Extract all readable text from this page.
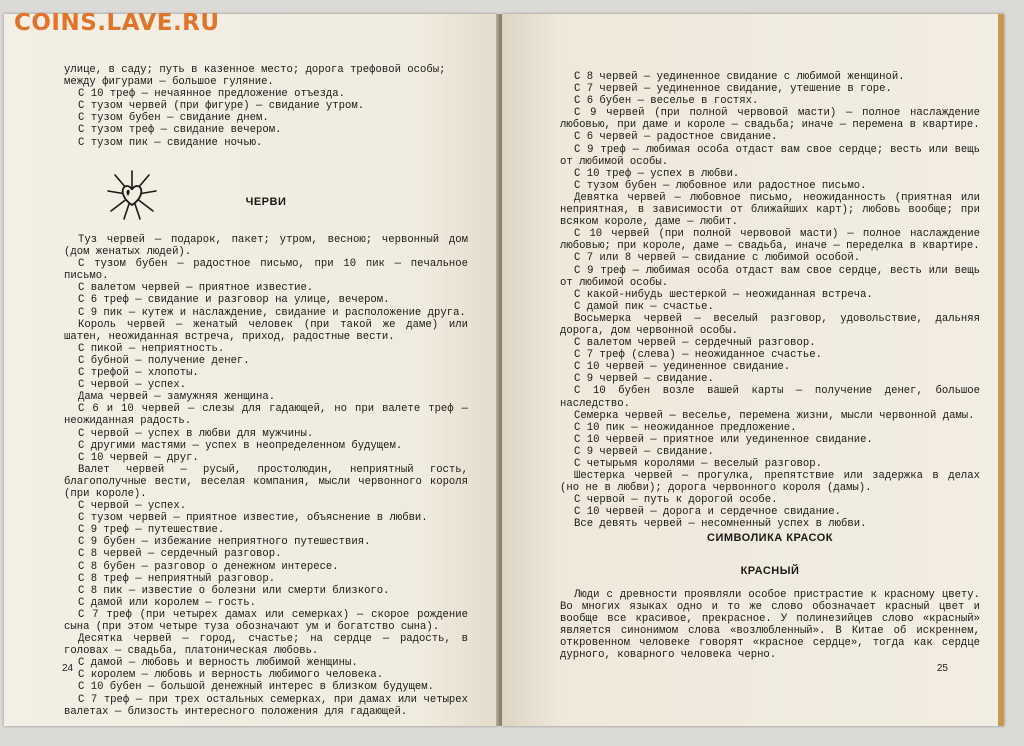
COINS.LAVE.RU

улице, в саду; путь в казенное место; дорога трефовой особы; между фигурами — большое гуляние.

С 10 треф — нечаянное предложение отъезда.

С тузом червей (при фигуре) — свидание утром.

С тузом бубен — свидание днем.

С тузом треф — свидание вечером.

С тузом пик — свидание ночью.

ЧЕРВИ

Туз червей — подарок, пакет; утром, весною; червонный дом (дом женатых людей).

С тузом бубен — радостное письмо, при 10 пик — печальное письмо.

С валетом червей — приятное известие.

С 6 треф — свидание и разговор на улице, вечером.

С 9 пик — кутеж и наслаждение, свидание и расположение друга.

Король червей — женатый человек (при такой же даме) или шатен, неожиданная встреча, приход, радостные вести.

С пикой — неприятность.

С бубной — получение денег.

С трефой — хлопоты.

С червой — успех.

Дама червей — замужняя женщина.

С 6 и 10 червей — слезы для гадающей, но при валете треф — неожиданная радость.

С червой — успех в любви для мужчины.

С другими мастями — успех в неопределенном будущем.

С 10 червей — друг.

Валет червей — русый, простолюдин, неприятный гость, благополучные вести, веселая компания, мысли червонного короля (при короле).

С червой — успех.

С тузом червей — приятное известие, объяснение в любви.

С 9 треф — путешествие.

С 9 бубен — избежание неприятного путешествия.

С 8 червей — сердечный разговор.

С 8 бубен — разговор о денежном интересе.

С 8 треф — неприятный разговор.

С 8 пик — известие о болезни или смерти близкого.

С дамой или королем — гость.

С 7 треф (при четырех дамах или семерках) — скорое рождение сына (при этом четыре туза обозначают ум и богатство сына).

Десятка червей — город, счастье; на сердце — радость, в головах — свадьба, платоническая любовь.

С дамой — любовь и верность любимой женщины.

С королем — любовь и верность любимого человека.

С 10 бубен — большой денежный интерес в близком будущем.

С 7 треф — при трех остальных семерках, при дамах или четырех валетах — близость интересного положения для гадающей.

24

С 8 червей — уединенное свидание с любимой женщиной.

С 7 червей — уединенное свидание, утешение в горе.

С 6 бубен — веселье в гостях.

С 9 червей (при полной червовой масти) — полное наслаждение любовью, при даме и короле — свадьба; иначе — перемена в квартире.

С 6 червей — радостное свидание.

С 9 треф — любимая особа отдаст вам свое сердце; весть или вещь от любимой особы.

С 10 треф — успех в любви.

С тузом бубен — любовное или радостное письмо.

Девятка червей — любовное письмо, неожиданность (приятная или неприятная, в зависимости от ближайших карт); любовь вообще; при всяком короле, даме — любит.

С 10 червей (при полной червовой масти) — полное наслаждение любовью; при короле, даме — свадьба, иначе — переделка в квартире.

С 7 или 8 червей — свидание с любимой особой.

С 9 треф — любимая особа отдаст вам свое сердце, весть или вещь от любимой особы.

С какой-нибудь шестеркой — неожиданная встреча.

С дамой пик — счастье.

Восьмерка червей — веселый разговор, удовольствие, дальняя дорога, дом червонной особы.

С валетом червей — сердечный разговор.

С 7 треф (слева) — неожиданное счастье.

С 10 червей — уединенное свидание.

С 9 червей — свидание.

С 10 бубен возле вашей карты — получение денег, большое наследство.

Семерка червей — веселье, перемена жизни, мысли червонной дамы.

С 10 пик — неожиданное предложение.

С 10 червей — приятное или уединенное свидание.

С 9 червей — свидание.

С четырьмя королями — веселый разговор.

Шестерка червей — прогулка, препятствие или задержка в делах (но не в любви); дорога червонного короля (дамы).

С червой — путь к дорогой особе.

С 10 червей — дорога и сердечное свидание.

Все девять червей — несомненный успех в любви.

СИМВОЛИКА КРАСОК
КРАСНЫЙ

Люди с древности проявляли особое пристрастие к красному цвету. Во многих языках одно и то же слово обозначает красный цвет и вообще все красивое, прекрасное. У полинезийцев слово «красный» является синонимом слова «возлюбленный». В Китае об искреннем, откровенном человеке говорят «красное сердце», тогда как сердце дурного, коварного человека черно.

25
